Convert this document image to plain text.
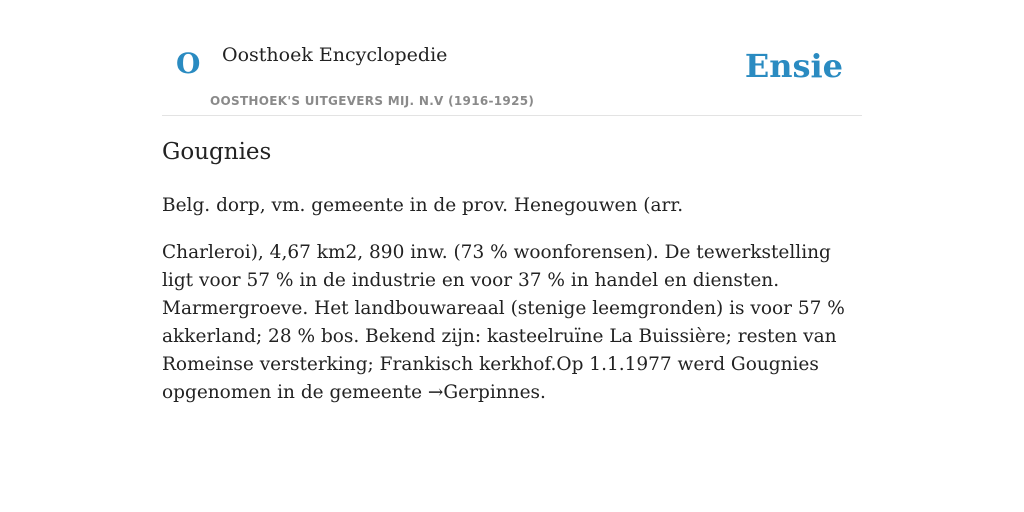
O Oosthoek Encyclopedie
OOSTHOEK'S UITGEVERS MIJ. N.V (1916-1925)
Ensie
Gougnies

Belg. dorp, vm. gemeente in de prov. Henegouwen (arr.

Charleroi), 4,67 km2, 890 inw. (73 % woonforensen). De tewerkstelling ligt voor 57 % in de industrie en voor 37 % in handel en diensten. Marmergroeve. Het landbouwareaal (stenige leemgronden) is voor 57 % akkerland; 28 % bos. Bekend zijn: kasteelruïne La Buissière; resten van Romeinse versterking; Frankisch kerkhof.Op 1.1.1977 werd Gougnies opgenomen in de gemeente →Gerpinnes.
